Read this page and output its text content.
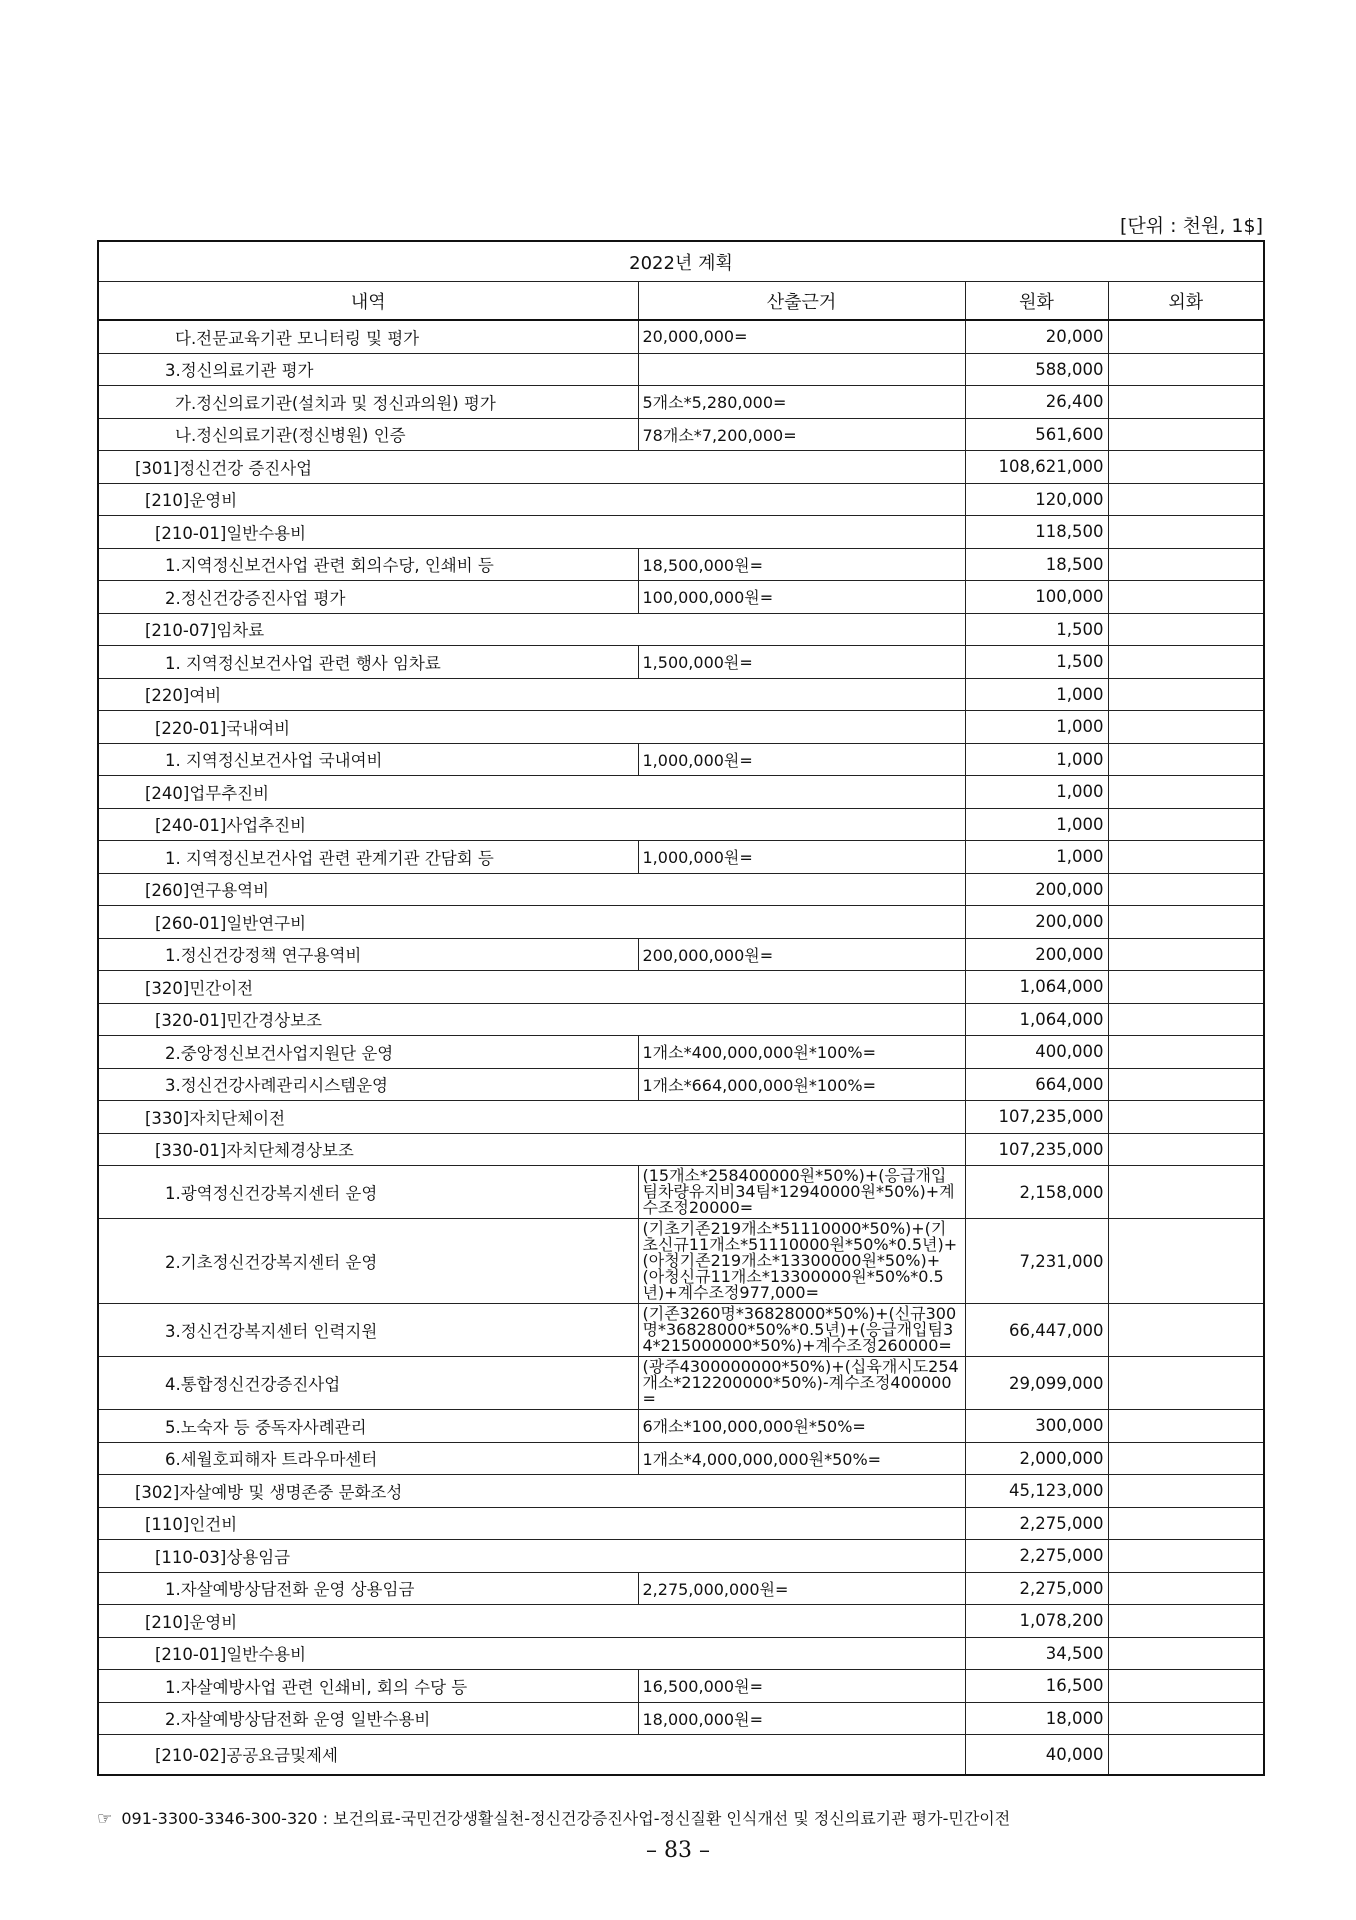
[단위 : 천원, 1$]
2022년 계획			
내역	산출근거	원화	외화
다.전문교육기관 모니터링 및 평가	20,000,000=	20,000	
3.정신의료기관 평가		588,000	
가.정신의료기관(설치과 및 정신과의원) 평가	5개소*5,280,000=	26,400	
나.정신의료기관(정신병원) 인증	78개소*7,200,000=	561,600	
[301]정신건강 증진사업		108,621,000	
[210]운영비		120,000	
[210-01]일반수용비		118,500	
1.지역정신보건사업 관련 회의수당, 인쇄비 등	18,500,000원=	18,500	
2.정신건강증진사업 평가	100,000,000원=	100,000	
[210-07]임차료		1,500	
1. 지역정신보건사업 관련 행사 임차료	1,500,000원=	1,500	
[220]여비		1,000	
[220-01]국내여비		1,000	
1. 지역정신보건사업 국내여비	1,000,000원=	1,000	
[240]업무추진비		1,000	
[240-01]사업추진비		1,000	
1. 지역정신보건사업 관련 관계기관 간담회 등	1,000,000원=	1,000	
[260]연구용역비		200,000	
[260-01]일반연구비		200,000	
1.정신건강정책 연구용역비	200,000,000원=	200,000	
[320]민간이전		1,064,000	
[320-01]민간경상보조		1,064,000	
2.중앙정신보건사업지원단 운영	1개소*400,000,000원*100%=	400,000	
3.정신건강사례관리시스템운영	1개소*664,000,000원*100%=	664,000	
[330]자치단체이전		107,235,000	
[330-01]자치단체경상보조		107,235,000	
1.광역정신건강복지센터 운영	(15개소*258400000원*50%)+(응급개입팀차량유지비34팀*12940000원*50%)+계수조정20000=	2,158,000	
2.기초정신건강복지센터 운영	(기초기존219개소*51110000*50%)+(기초신규11개소*51110000원*50%*0.5년)+(아청기존219개소*13300000원*50%)+(아청신규11개소*13300000원*50%*0.5년)+계수조정977,000=	7,231,000	
3.정신건강복지센터 인력지원	(기존3260명*36828000*50%)+(신규300명*36828000*50%*0.5년)+(응급개입팀34*215000000*50%)+계수조정260000=	66,447,000	
4.통합정신건강증진사업	(광주4300000000*50%)+(십육개시도254개소*212200000*50%)-계수조정400000=	29,099,000	
5.노숙자 등 중독자사례관리	6개소*100,000,000원*50%=	300,000	
6.세월호피해자 트라우마센터	1개소*4,000,000,000원*50%=	2,000,000	
[302]자살예방 및 생명존중 문화조성		45,123,000	
[110]인건비		2,275,000	
[110-03]상용임금		2,275,000	
1.자살예방상담전화 운영 상용임금	2,275,000,000원=	2,275,000	
[210]운영비		1,078,200	
[210-01]일반수용비		34,500	
1.자살예방사업 관련 인쇄비, 회의 수당 등	16,500,000원=	16,500	
2.자살예방상담전화 운영 일반수용비	18,000,000원=	18,000	
[210-02]공공요금및제세		40,000	
☞ 091-3300-3346-300-320 : 보건의료-국민건강생활실천-정신건강증진사업-정신질환 인식개선 및 정신의료기관 평가-민간이전
– 83 –
